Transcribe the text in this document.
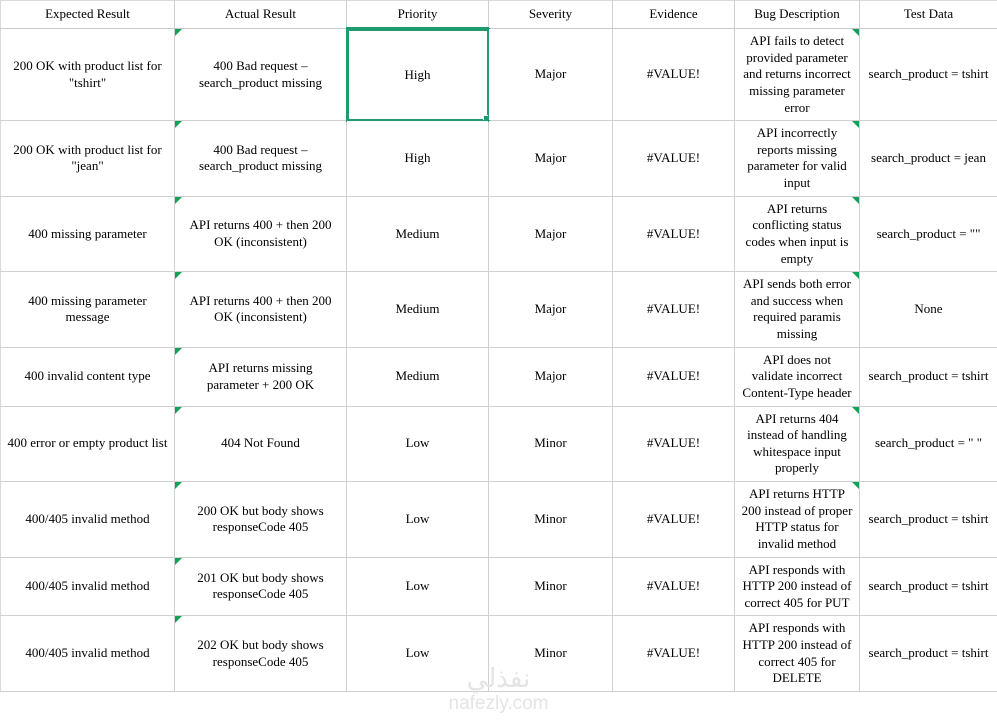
Expected Result	Actual Result	Priority	Severity	Evidence	Bug Description	Test Data
200 OK with product list for "tshirt"	400 Bad request – search_product missing	High	Major	#VALUE!	API fails to detect provided parameter and returns incorrect missing parameter error	search_product = tshirt
200 OK with product list for "jean"	400 Bad request – search_product missing	High	Major	#VALUE!	API incorrectly reports missing parameter for valid input	search_product = jean
400 missing parameter	API returns 400 + then 200 OK (inconsistent)	Medium	Major	#VALUE!	API returns conflicting status codes when input is empty	search_product = ""
400 missing parameter message	API returns 400 + then 200 OK (inconsistent)	Medium	Major	#VALUE!	API sends both error and success when required paramis missing	None
400 invalid content type	API returns missing parameter + 200 OK	Medium	Major	#VALUE!	API does not validate incorrect Content-Type header	search_product = tshirt
400 error or empty product list	404 Not Found	Low	Minor	#VALUE!	API returns 404 instead of handling whitespace input properly	search_product = " "
400/405 invalid method	200 OK but body shows responseCode 405	Low	Minor	#VALUE!	API returns HTTP 200 instead of proper HTTP status for invalid method	search_product = tshirt
400/405 invalid method	201 OK but body shows responseCode 405	Low	Minor	#VALUE!	API responds with HTTP 200 instead of correct 405 for PUT	search_product = tshirt
400/405 invalid method	202 OK but body shows responseCode 405	Low	Minor	#VALUE!	API responds with HTTP 200 instead of correct 405 for DELETE	search_product = tshirt
نفذلي
nafezly.com
